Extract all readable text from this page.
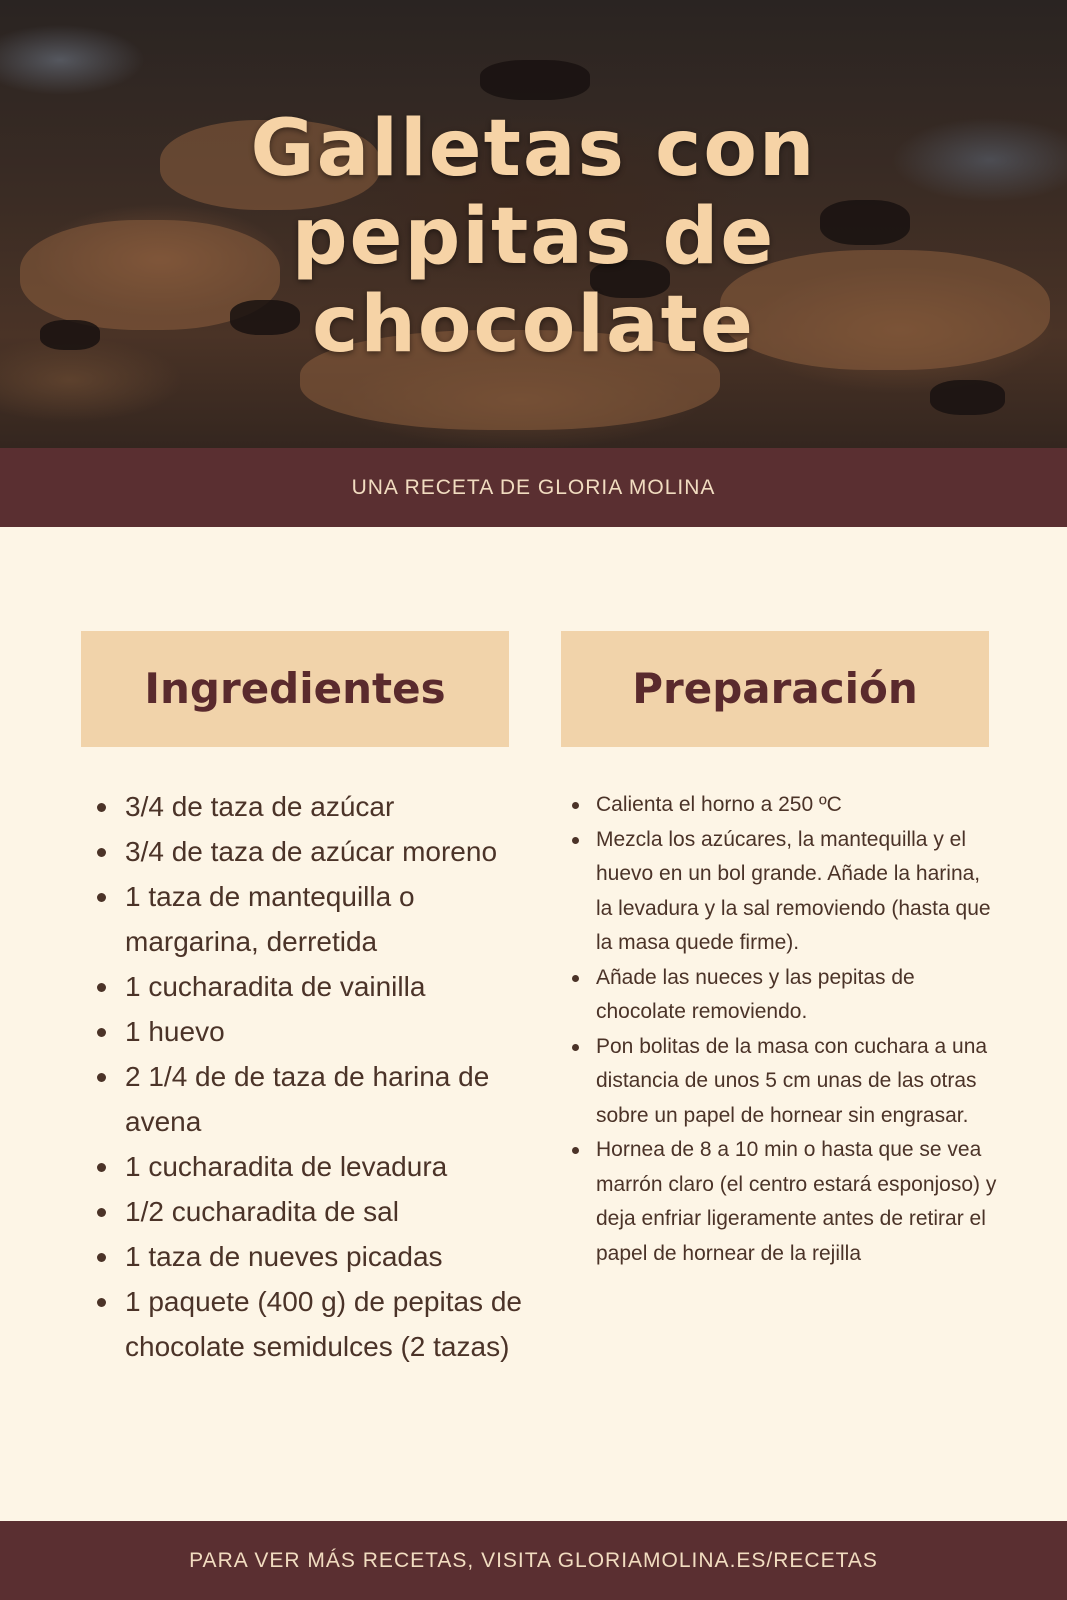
Galletas con
pepitas de
chocolate
UNA RECETA DE GLORIA MOLINA
Ingredientes	Preparación
3/4 de taza de azúcar
3/4 de taza de azúcar moreno
1 taza de mantequilla o margarina, derretida
1 cucharadita de vainilla
1 huevo
2 1/4 de de taza de harina de avena
1 cucharadita de levadura
1/2 cucharadita de sal
1 taza de nueves picadas
1 paquete (400 g) de pepitas de chocolate semidulces (2 tazas)
Calienta el horno a 250 ºC
Mezcla los azúcares, la mantequilla y el huevo en un bol grande. Añade la harina, la levadura y la sal removiendo (hasta que la masa quede firme).
Añade las nueces y las pepitas de chocolate removiendo.
Pon bolitas de la masa con cuchara a una distancia de unos 5 cm unas de las otras sobre un papel de hornear sin engrasar.
Hornea de 8 a 10 min o hasta que se vea marrón claro (el centro estará esponjoso) y deja enfriar ligeramente antes de retirar el papel de hornear de la rejilla
PARA VER MÁS RECETAS, VISITA GLORIAMOLINA.ES/RECETAS
